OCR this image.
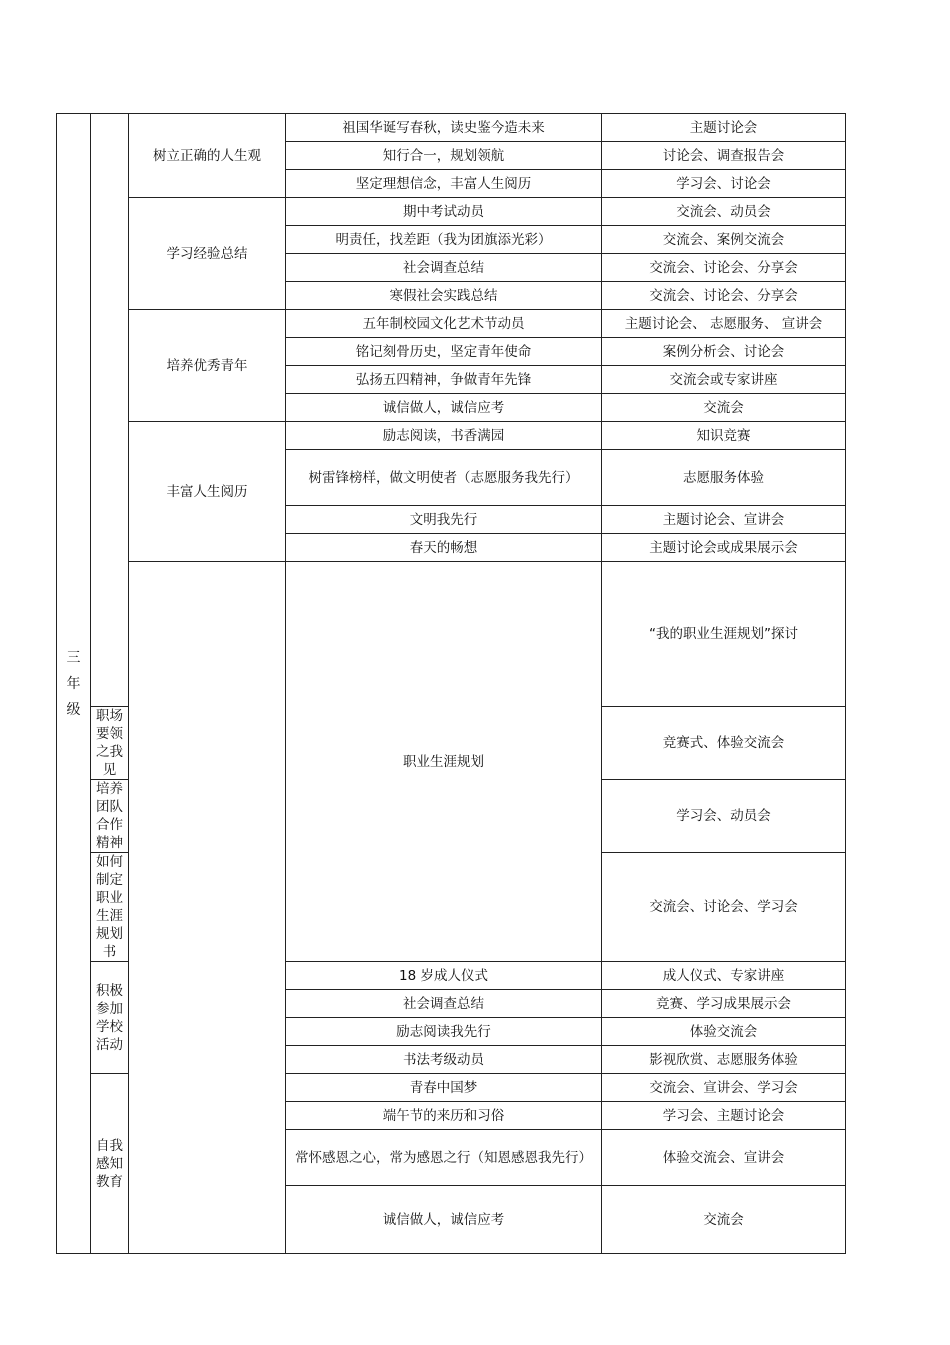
三年级		树立正确的人生观	祖国华诞写春秋，读史鉴今造未来	主题讨论会	
			知行合一，规划领航	讨论会、调查报告会	
			坚定理想信念，丰富人生阅历	学习会、讨论会	
		学习经验总结	期中考试动员	交流会、动员会	
			明责任，找差距（我为团旗添光彩）	交流会、案例交流会	
			社会调查总结	交流会、讨论会、分享会	
			寒假社会实践总结	交流会、讨论会、分享会	
		培养优秀青年	五年制校园文化艺术节动员	主题讨论会、 志愿服务、 宣讲会	
			铭记刻骨历史，坚定青年使命	案例分析会、讨论会	
			弘扬五四精神，争做青年先锋	交流会或专家讲座	
			诚信做人，诚信应考	交流会	
		丰富人生阅历	励志阅读，书香满园	知识竞赛	
			树雷锋榜样，做文明使者（志愿服务我先行）	志愿服务体验	
			文明我先行	主题讨论会、宣讲会	
			春天的畅想	主题讨论会或成果展示会	
			职业生涯规划	“我的职业生涯规划”探讨	
	职场要领之我见			竞赛式、体验交流会	
	培养团队合作精神			学习会、动员会	
	如何制定职业生涯规划书			交流会、讨论会、学习会	
	积极参加学校活动		18 岁成人仪式	成人仪式、专家讲座	
			社会调查总结	竞赛、学习成果展示会	
			励志阅读我先行	体验交流会	
			书法考级动员	影视欣赏、志愿服务体验	
	自我感知教育		青春中国梦	交流会、宣讲会、学习会	
			端午节的来历和习俗	学习会、主题讨论会	
			常怀感恩之心，常为感恩之行（知恩感恩我先行）	体验交流会、宣讲会	
			诚信做人，诚信应考	交流会	
